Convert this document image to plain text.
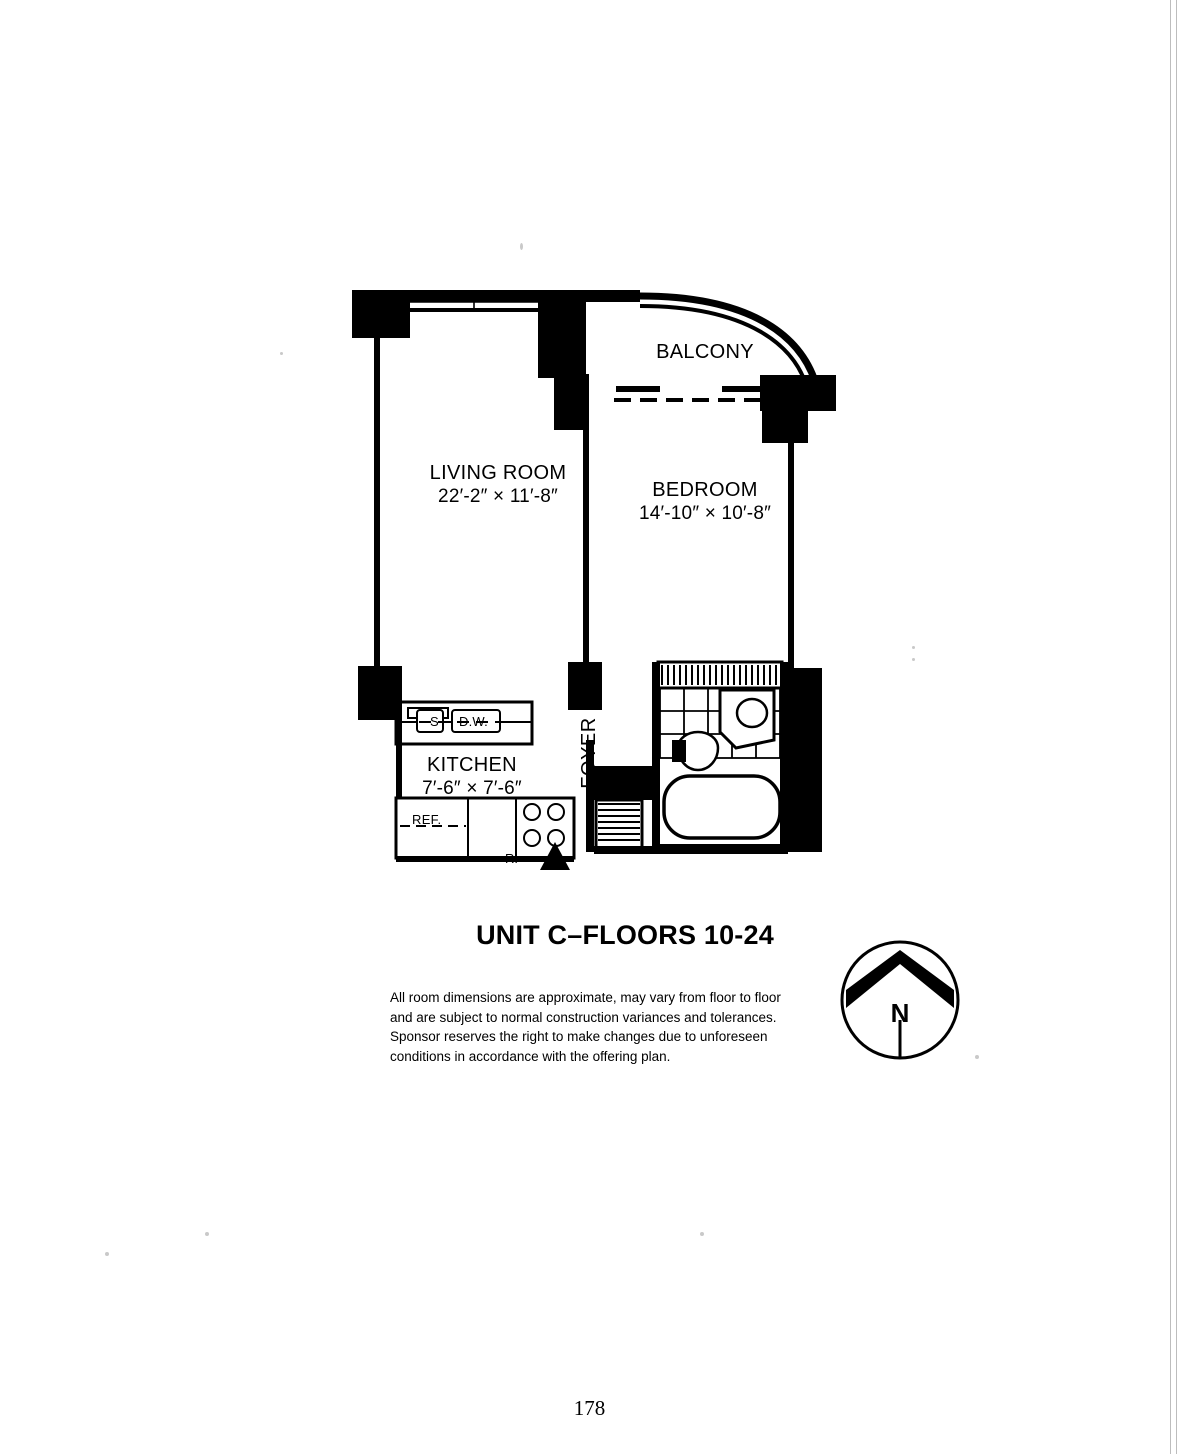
BALCONY
LIVING ROOM
22′-2″ × 11′-8″	BEDROOM
14′-10″ × 10′-8″
KITCHEN
7′-6″ × 7′-6″
FOYER
S D.W.
REF.
R.
UNIT C–FLOORS 10-24
All room dimensions are approximate, may vary from floor to floor and are subject to normal construction variances and tolerances. Sponsor reserves the right to make changes due to unforeseen conditions in accordance with the offering plan.
N
178
